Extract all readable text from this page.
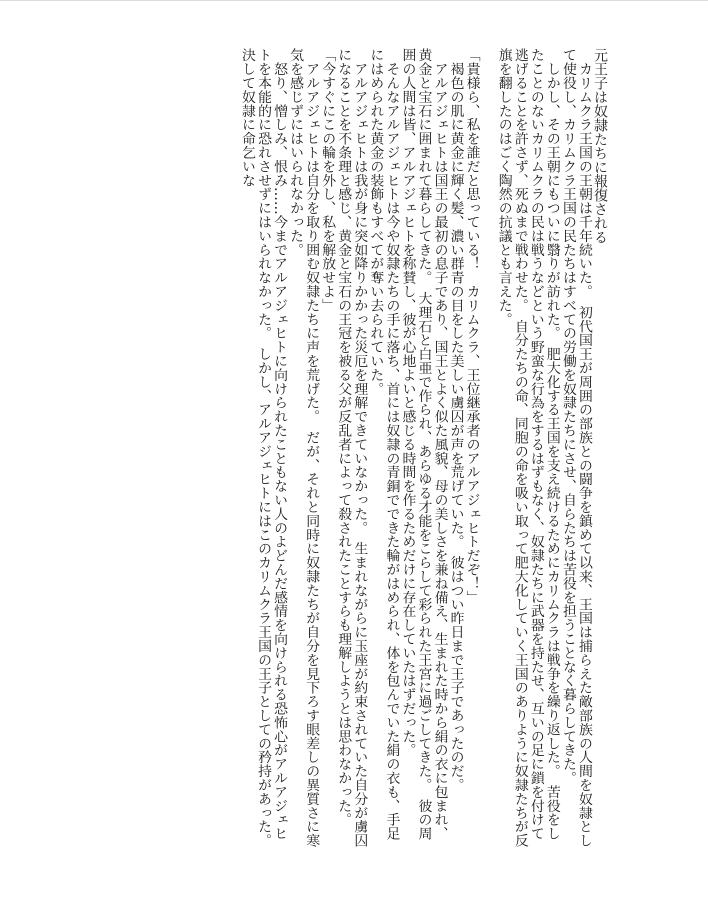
元王子は奴隷たちに報復される

　カリムクラ王国の王朝は千年続いた。　初代国王が周囲の部族との闘争を鎮めて以来、王国は捕らえた敵部族の人間を奴隷として使役し、カリムクラ王国の民たちはすべての労働を奴隷たちにさせ、自らたちは苦役を担うことなく暮らしてきた。

　しかし、その王朝にもついに翳りが訪れた。　肥大化する王国を支え続けるためにカリムクラは戦争を繰り返した。　苦役をしたことのないカリムクラの民は戦うなどという野蛮な行為をするはずもなく、奴隷たちに武器を持たせ、互いの足に鎖を付けて逃げることを許さず、死ぬまで戦わせた。　自分たちの命、同胞の命を吸い取って肥大化していく王国のありように奴隷たちが反旗を翻したのはごく陶然の抗議とも言えた。

「貴様ら、私を誰だと思っている！　カリムクラ、王位継承者のアルアジェヒトだぞ！」

　褐色の肌に黄金に輝く髪、濃い群青の目をした美しい虜囚が声を荒げていた。　彼はつい昨日まで王子であったのだ。

　アルアジェヒトは国王の最初の息子であり、国王とよく似た風貌、母の美しさを兼ね備え、生まれた時から絹の衣に包まれ、黄金と宝石に囲まれて暮らしてきた。　大理石と白亜で作られ、あらゆる才能をこらして彩られた王宮に過ごしてきた。　彼の周囲の人間は皆、アルアジェヒトを称賛し、彼が心地よいと感じる時間を作るためだけに存在していたはずだった。

　そんなアルアジェヒトは今や奴隷たちの手に落ち、首には奴隷の青銅でできた輪がはめられ、体を包んでいた絹の衣も、手足にはめられた黄金の装飾もすべてが奪い去られていた。

　アルアジェヒトは我が身に突如降りかかった災厄を理解できていなかった。　生まれながらに玉座が約束されていた自分が虜囚になることを不条理と感じ、黄金と宝石の王冠を被る父が反乱者によって殺されたことすらも理解しようとは思わなかった。

「今すぐにこの輪を外し、私を解放せよ」

　アルアジェヒトは自分を取り囲む奴隷たちに声を荒げた。　だが、それと同時に奴隷たちが自分を見下ろす眼差しの異質さに寒気を感じずにはいられなかった。

　怒り、憎しみ、恨み……今までアルアジェヒトに向けられたこともない人のよどんだ感情を向けられる恐怖心がアルアジェヒトを本能的に恐れさせずにはいられなかった。　しかし、アルアジェヒトにはこのカリムクラ王国の王子としての矜持があった。　決して奴隷に命乞いな
